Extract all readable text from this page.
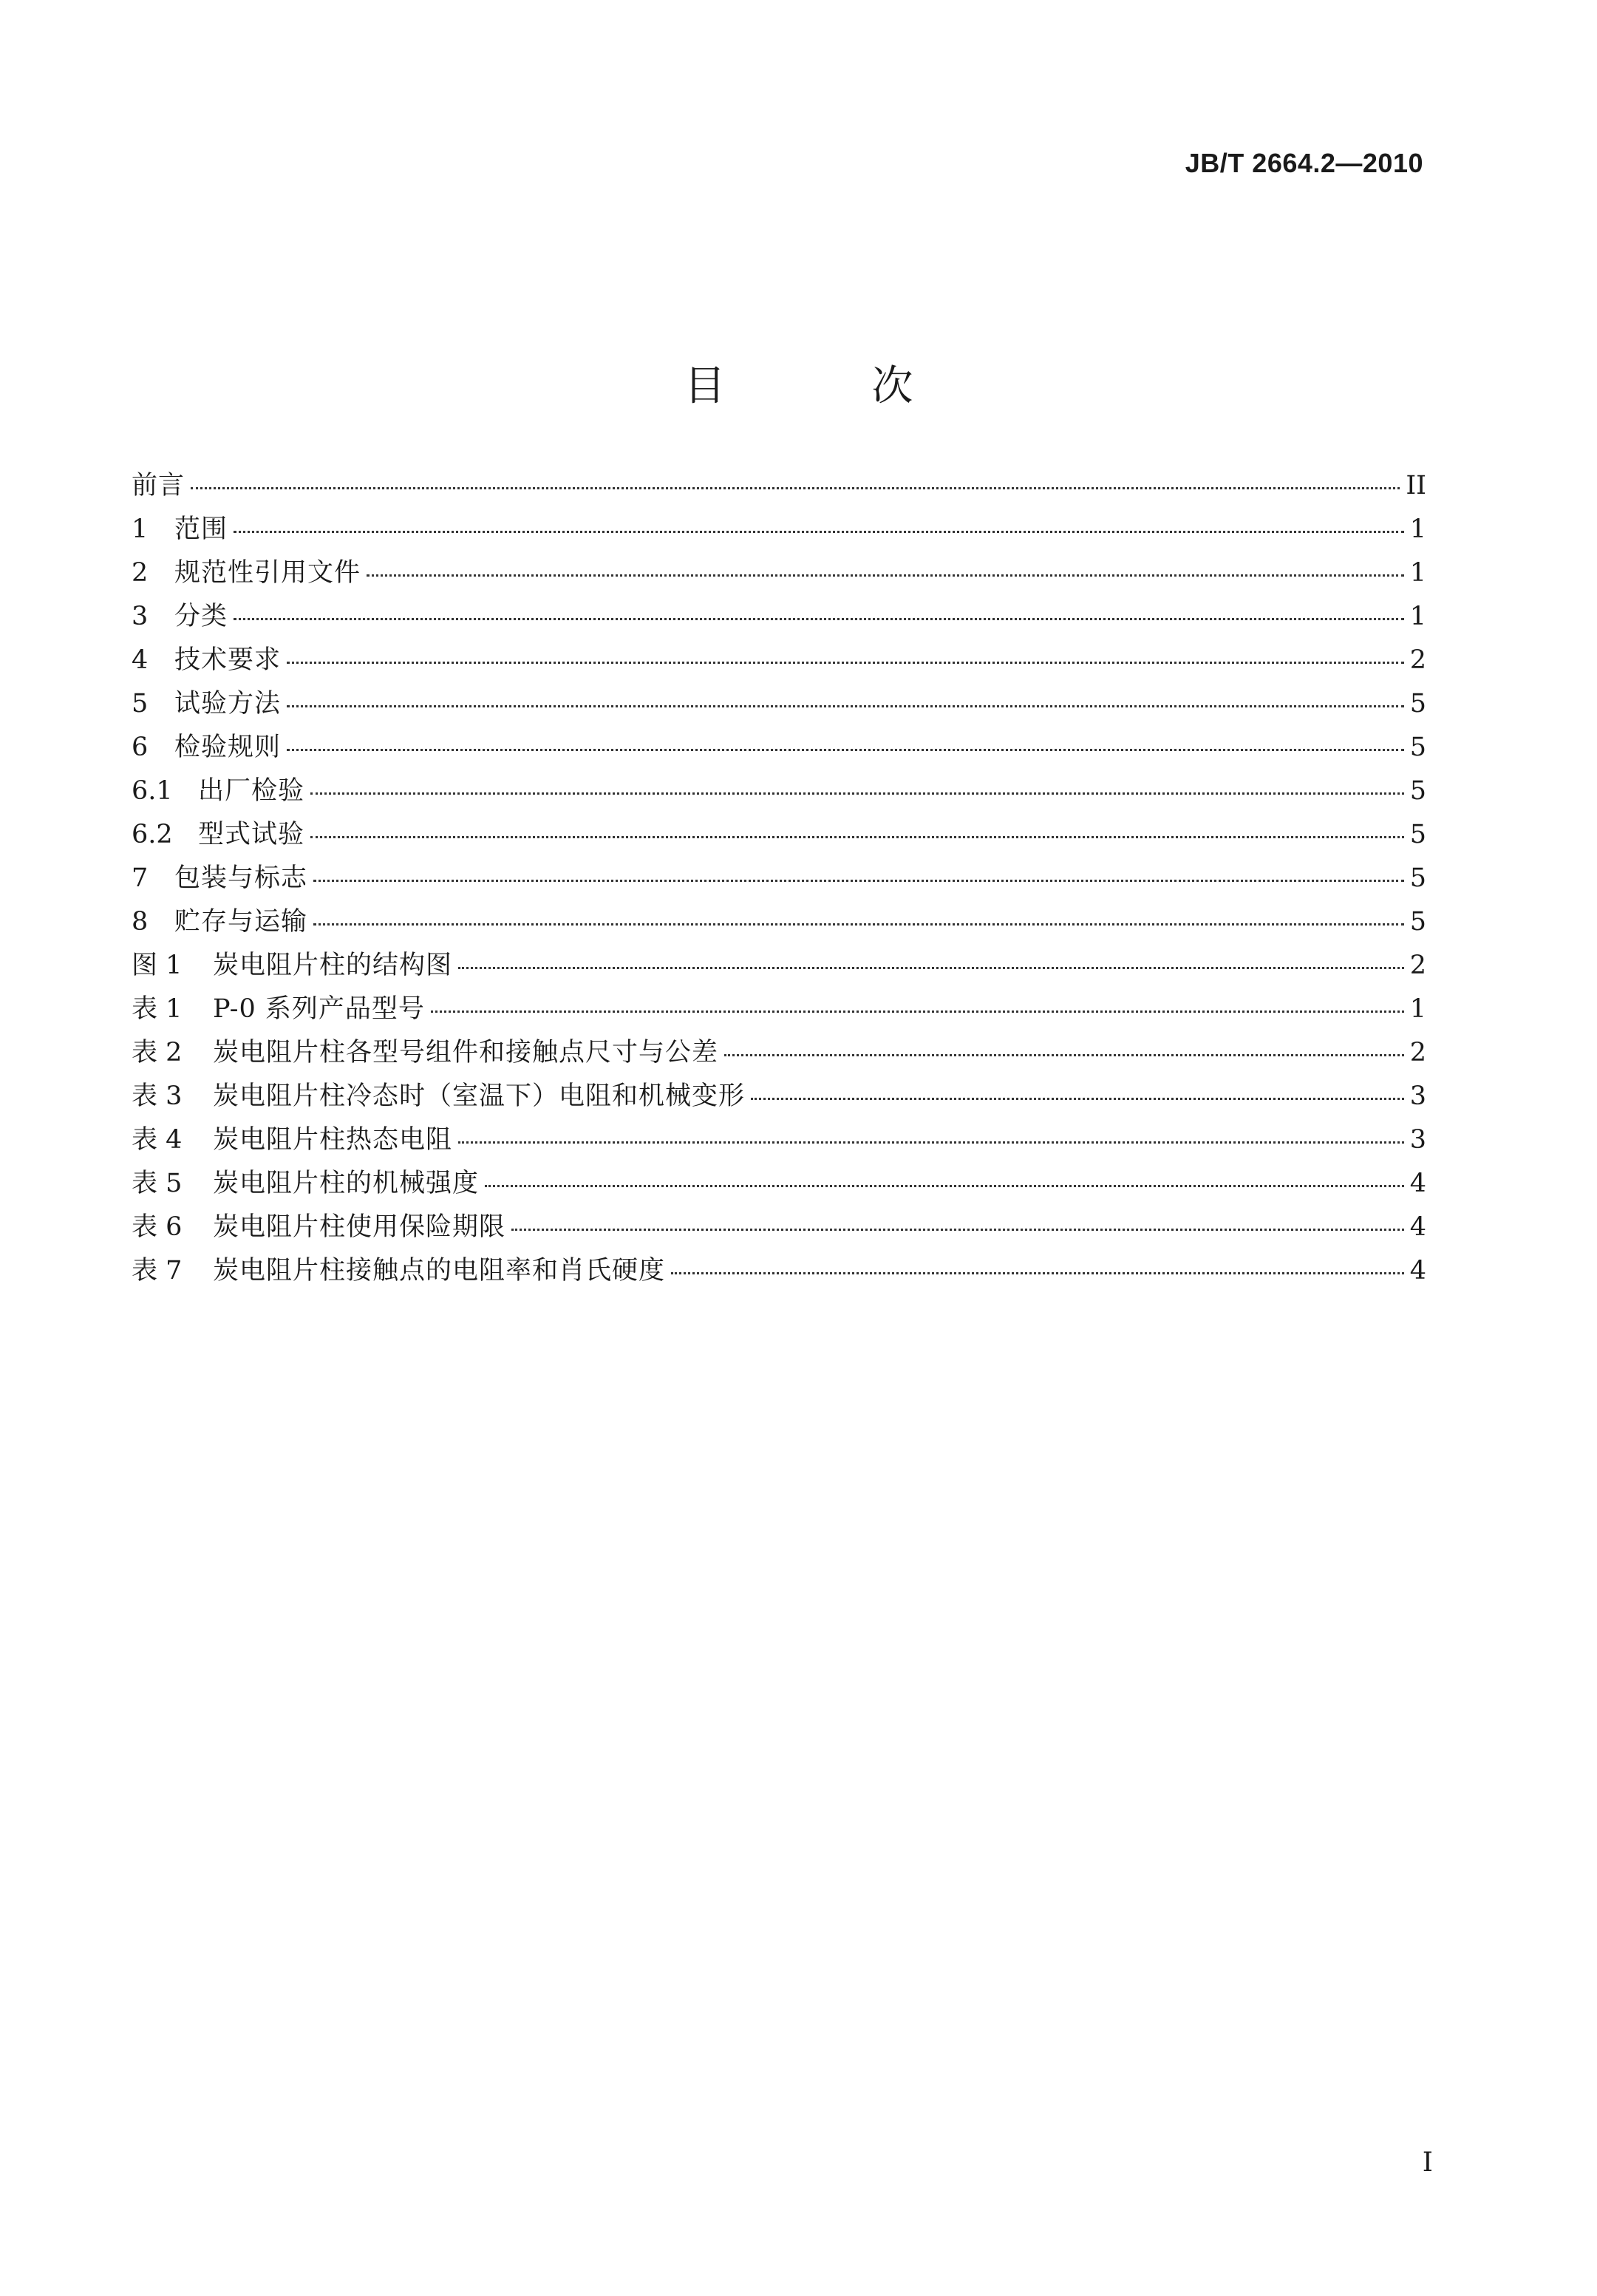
JB/T 2664.2—2010
目 次
前言	II
1	范围	1
2	规范性引用文件	1
3	分类	1
4	技术要求	2
5	试验方法	5
6	检验规则	5
6.1 出厂检验	5
6.2 型式试验	5
7	包装与标志	5
8	贮存与运输	5
图 1	炭电阻片柱的结构图	2
表 1	P-0 系列产品型号	1
表 2	炭电阻片柱各型号组件和接触点尺寸与公差	2
表 3	炭电阻片柱冷态时（室温下）电阻和机械变形	3
表 4	炭电阻片柱热态电阻	3
表 5	炭电阻片柱的机械强度	4
表 6	炭电阻片柱使用保险期限	4
表 7	炭电阻片柱接触点的电阻率和肖氏硬度	4
I
